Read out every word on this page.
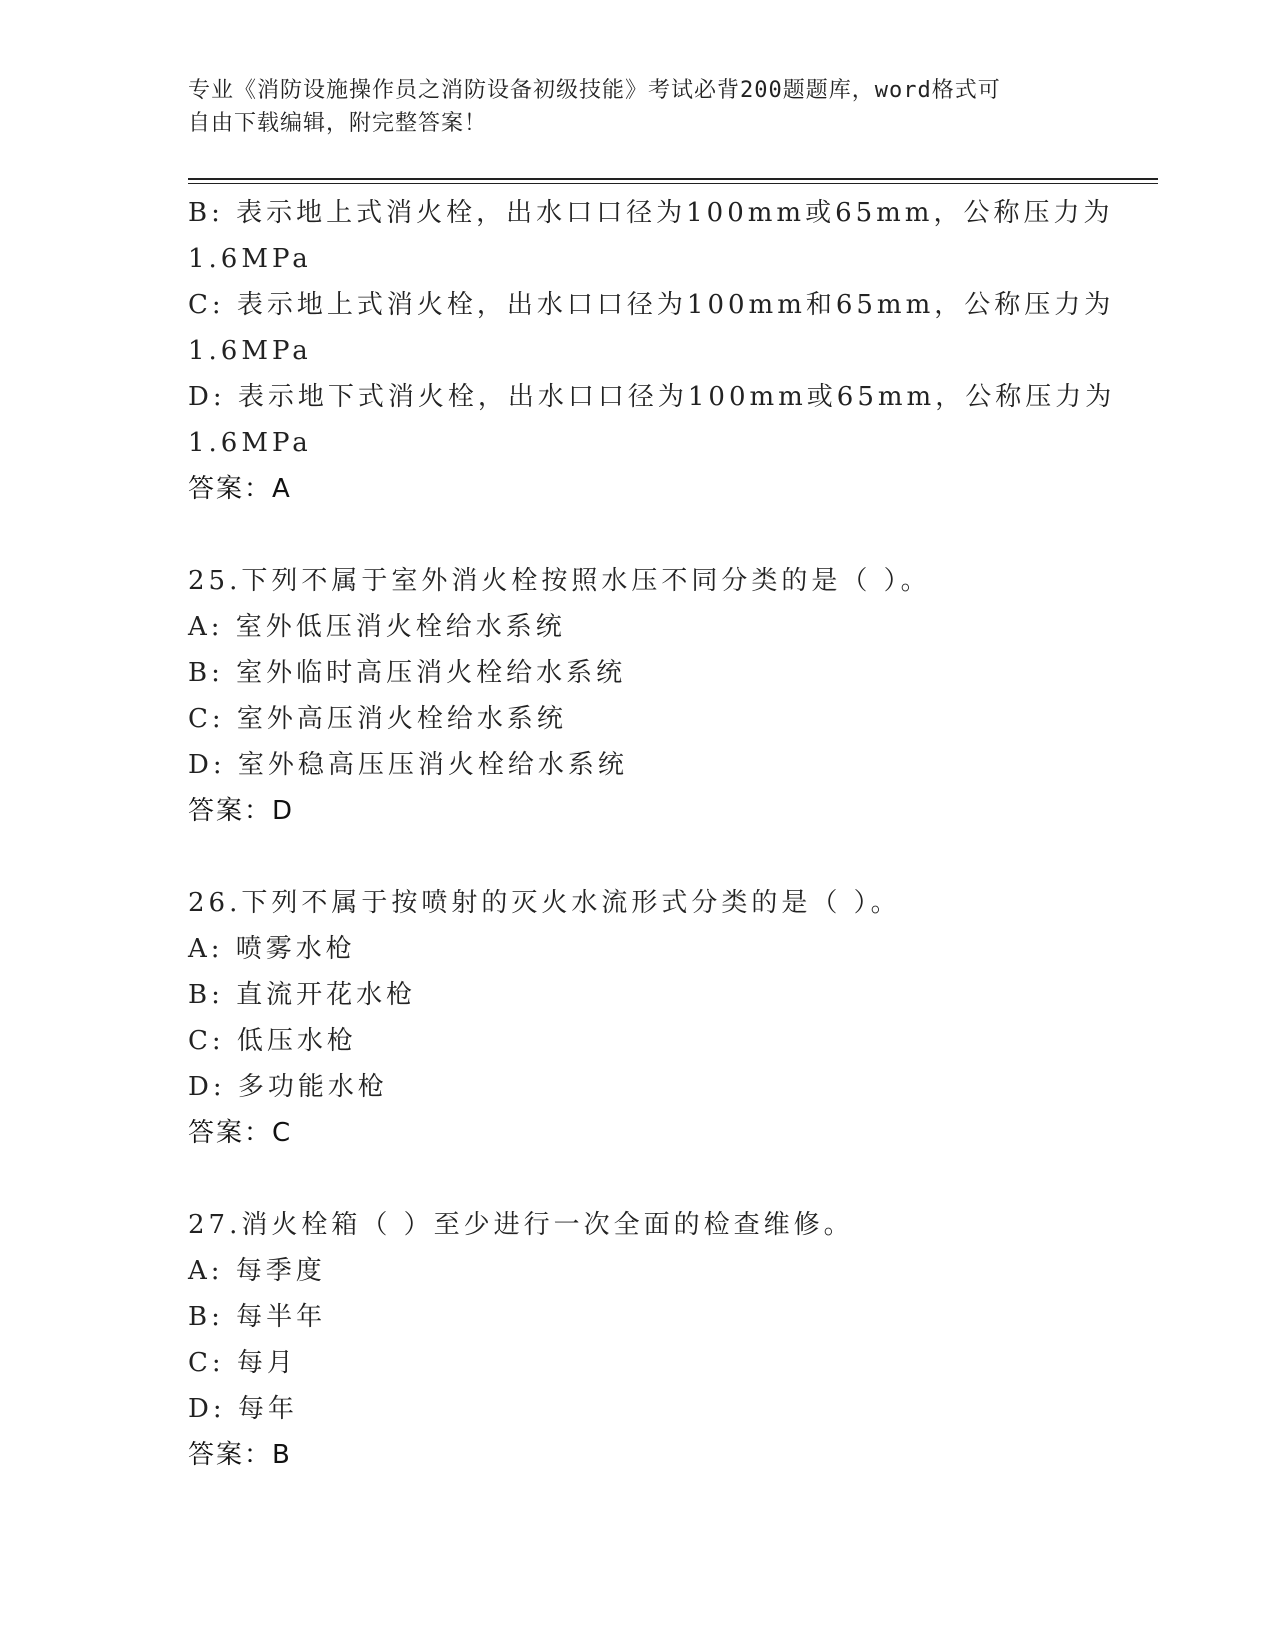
专业《消防设施操作员之消防设备初级技能》考试必背200题题库，word格式可
自由下载编辑，附完整答案！
B: 表示地上式消火栓，出水口口径为100mm或65mm，公称压力为
1.6MPa
C: 表示地上式消火栓，出水口口径为100mm和65mm，公称压力为
1.6MPa
D: 表示地下式消火栓，出水口口径为100mm或65mm，公称压力为
1.6MPa
答案：A
25.下列不属于室外消火栓按照水压不同分类的是（ ）。
A: 室外低压消火栓给水系统
B: 室外临时高压消火栓给水系统
C: 室外高压消火栓给水系统
D: 室外稳高压压消火栓给水系统
答案：D
26.下列不属于按喷射的灭火水流形式分类的是（ ）。
A: 喷雾水枪
B: 直流开花水枪
C: 低压水枪
D: 多功能水枪
答案：C
27.消火栓箱（ ）至少进行一次全面的检查维修。
A: 每季度
B: 每半年
C: 每月
D: 每年
答案：B
